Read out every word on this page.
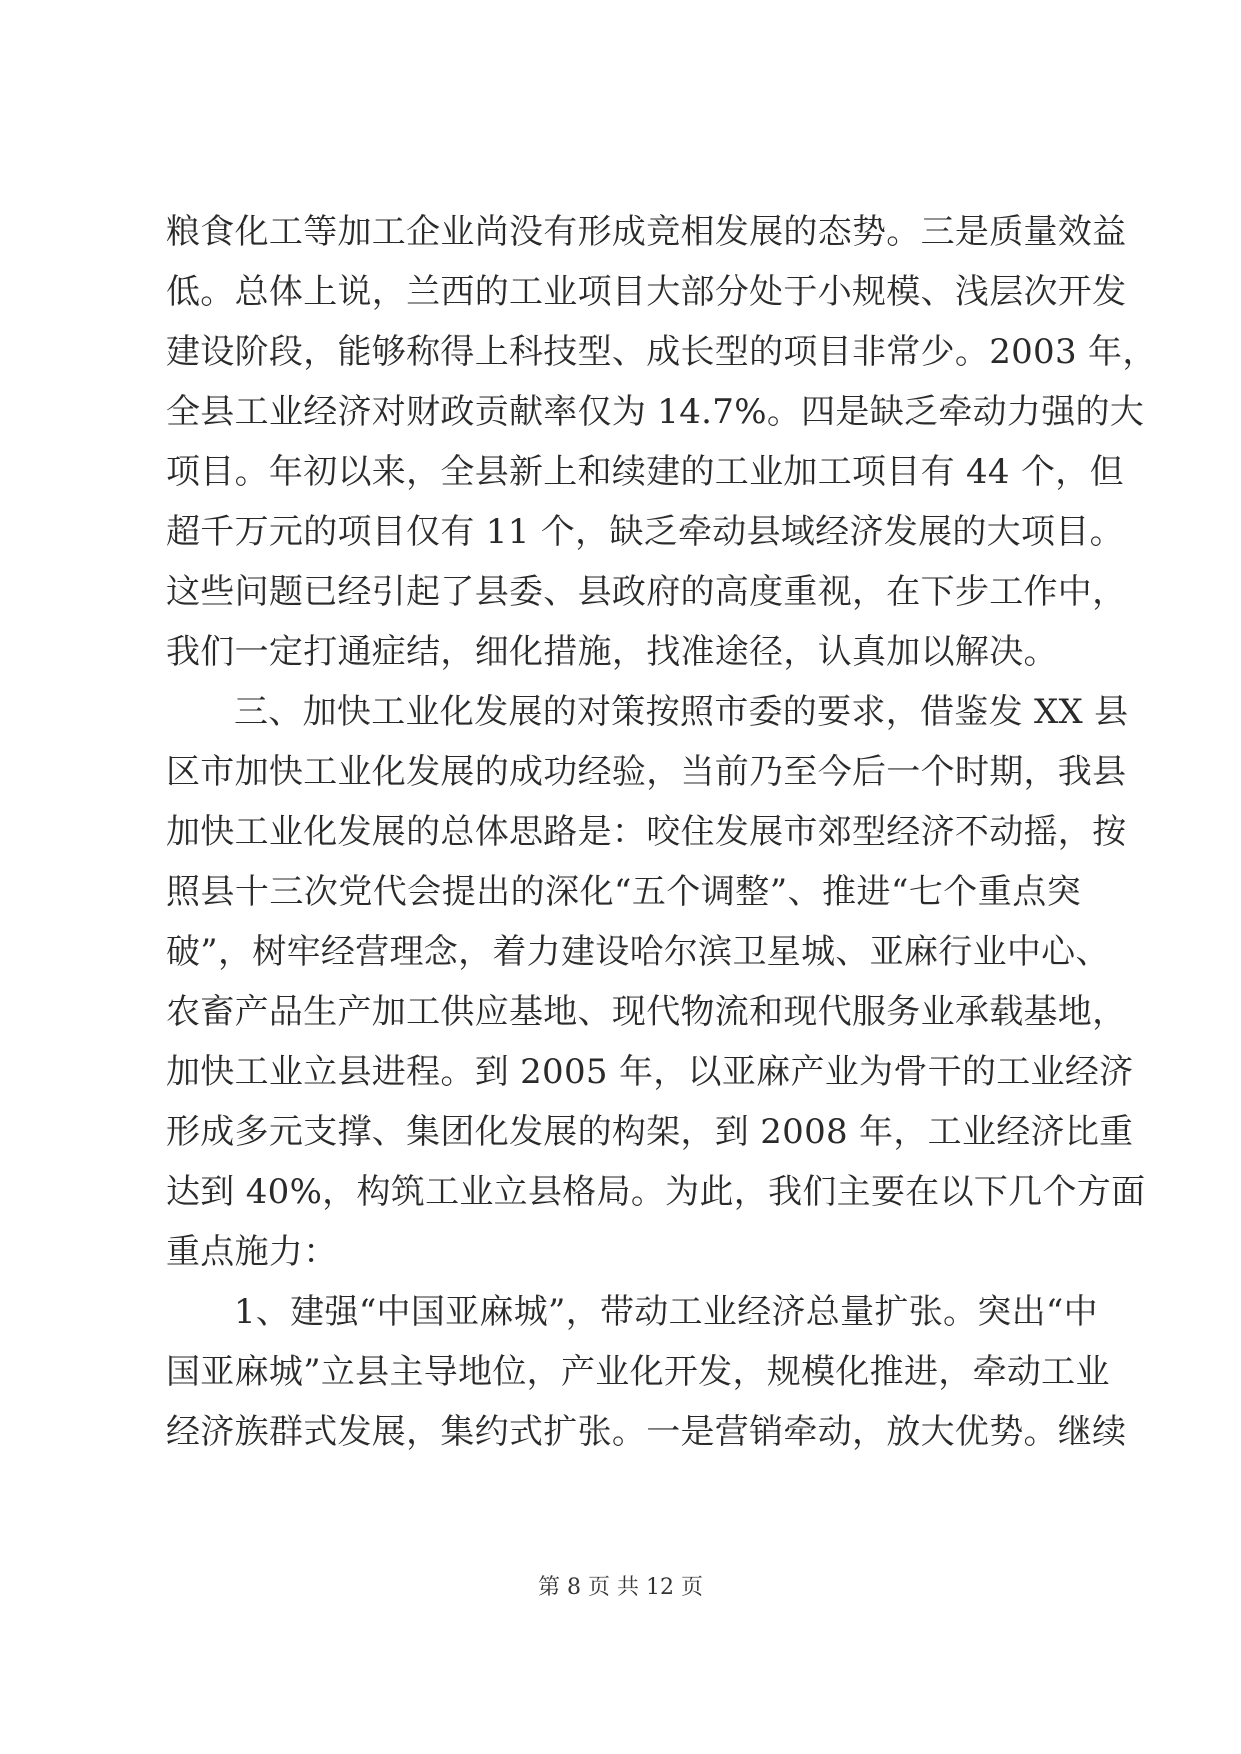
粮食化工等加工企业尚没有形成竞相发展的态势。三是质量效益
低。总体上说，兰西的工业项目大部分处于小规模、浅层次开发
建设阶段，能够称得上科技型、成长型的项目非常少。2003 年，
全县工业经济对财政贡献率仅为 14.7%。四是缺乏牵动力强的大
项目。年初以来，全县新上和续建的工业加工项目有 44 个，但
超千万元的项目仅有 11 个，缺乏牵动县域经济发展的大项目。
这些问题已经引起了县委、县政府的高度重视，在下步工作中，
我们一定打通症结，细化措施，找准途径，认真加以解决。
三、加快工业化发展的对策按照市委的要求，借鉴发 XX 县
区市加快工业化发展的成功经验，当前乃至今后一个时期，我县
加快工业化发展的总体思路是：咬住发展市郊型经济不动摇，按
照县十三次党代会提出的深化“五个调整”、推进“七个重点突
破”，树牢经营理念，着力建设哈尔滨卫星城、亚麻行业中心、
农畜产品生产加工供应基地、现代物流和现代服务业承载基地，
加快工业立县进程。到 2005 年，以亚麻产业为骨干的工业经济
形成多元支撑、集团化发展的构架，到 2008 年，工业经济比重
达到 40%，构筑工业立县格局。为此，我们主要在以下几个方面
重点施力：
1、建强“中国亚麻城”，带动工业经济总量扩张。突出“中
国亚麻城”立县主导地位，产业化开发，规模化推进，牵动工业
经济族群式发展，集约式扩张。一是营销牵动，放大优势。继续
第 8 页 共 12 页
